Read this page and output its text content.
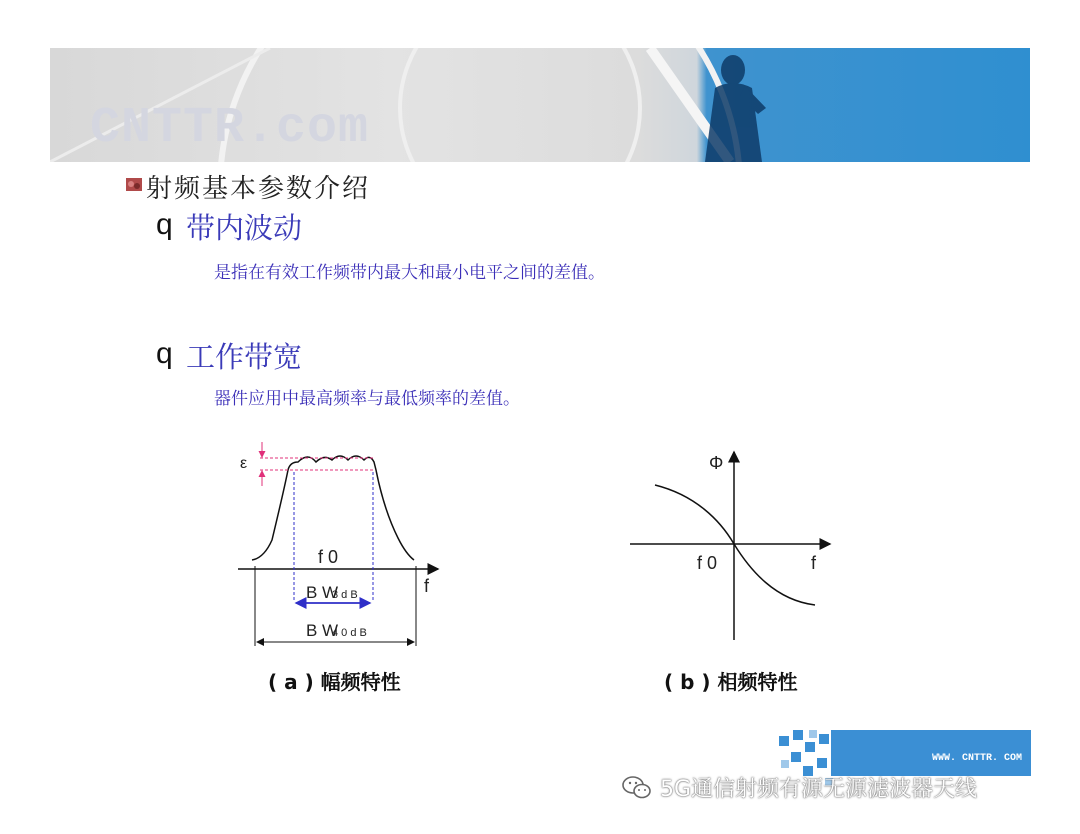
CNTTR.com
射频基本参数介绍
q 带内波动
是指在有效工作频带内最大和最小电平之间的差值。
q 工作带宽
器件应用中最高频率与最低频率的差值。
ε
f 0
f
B W
3 d B
B W
4 0 d B
( a ) 幅频特性
Φ
f 0	f
( b ) 相频特性
WWW. CNTTR. COM
5G通信射频有源无源滤波器天线
